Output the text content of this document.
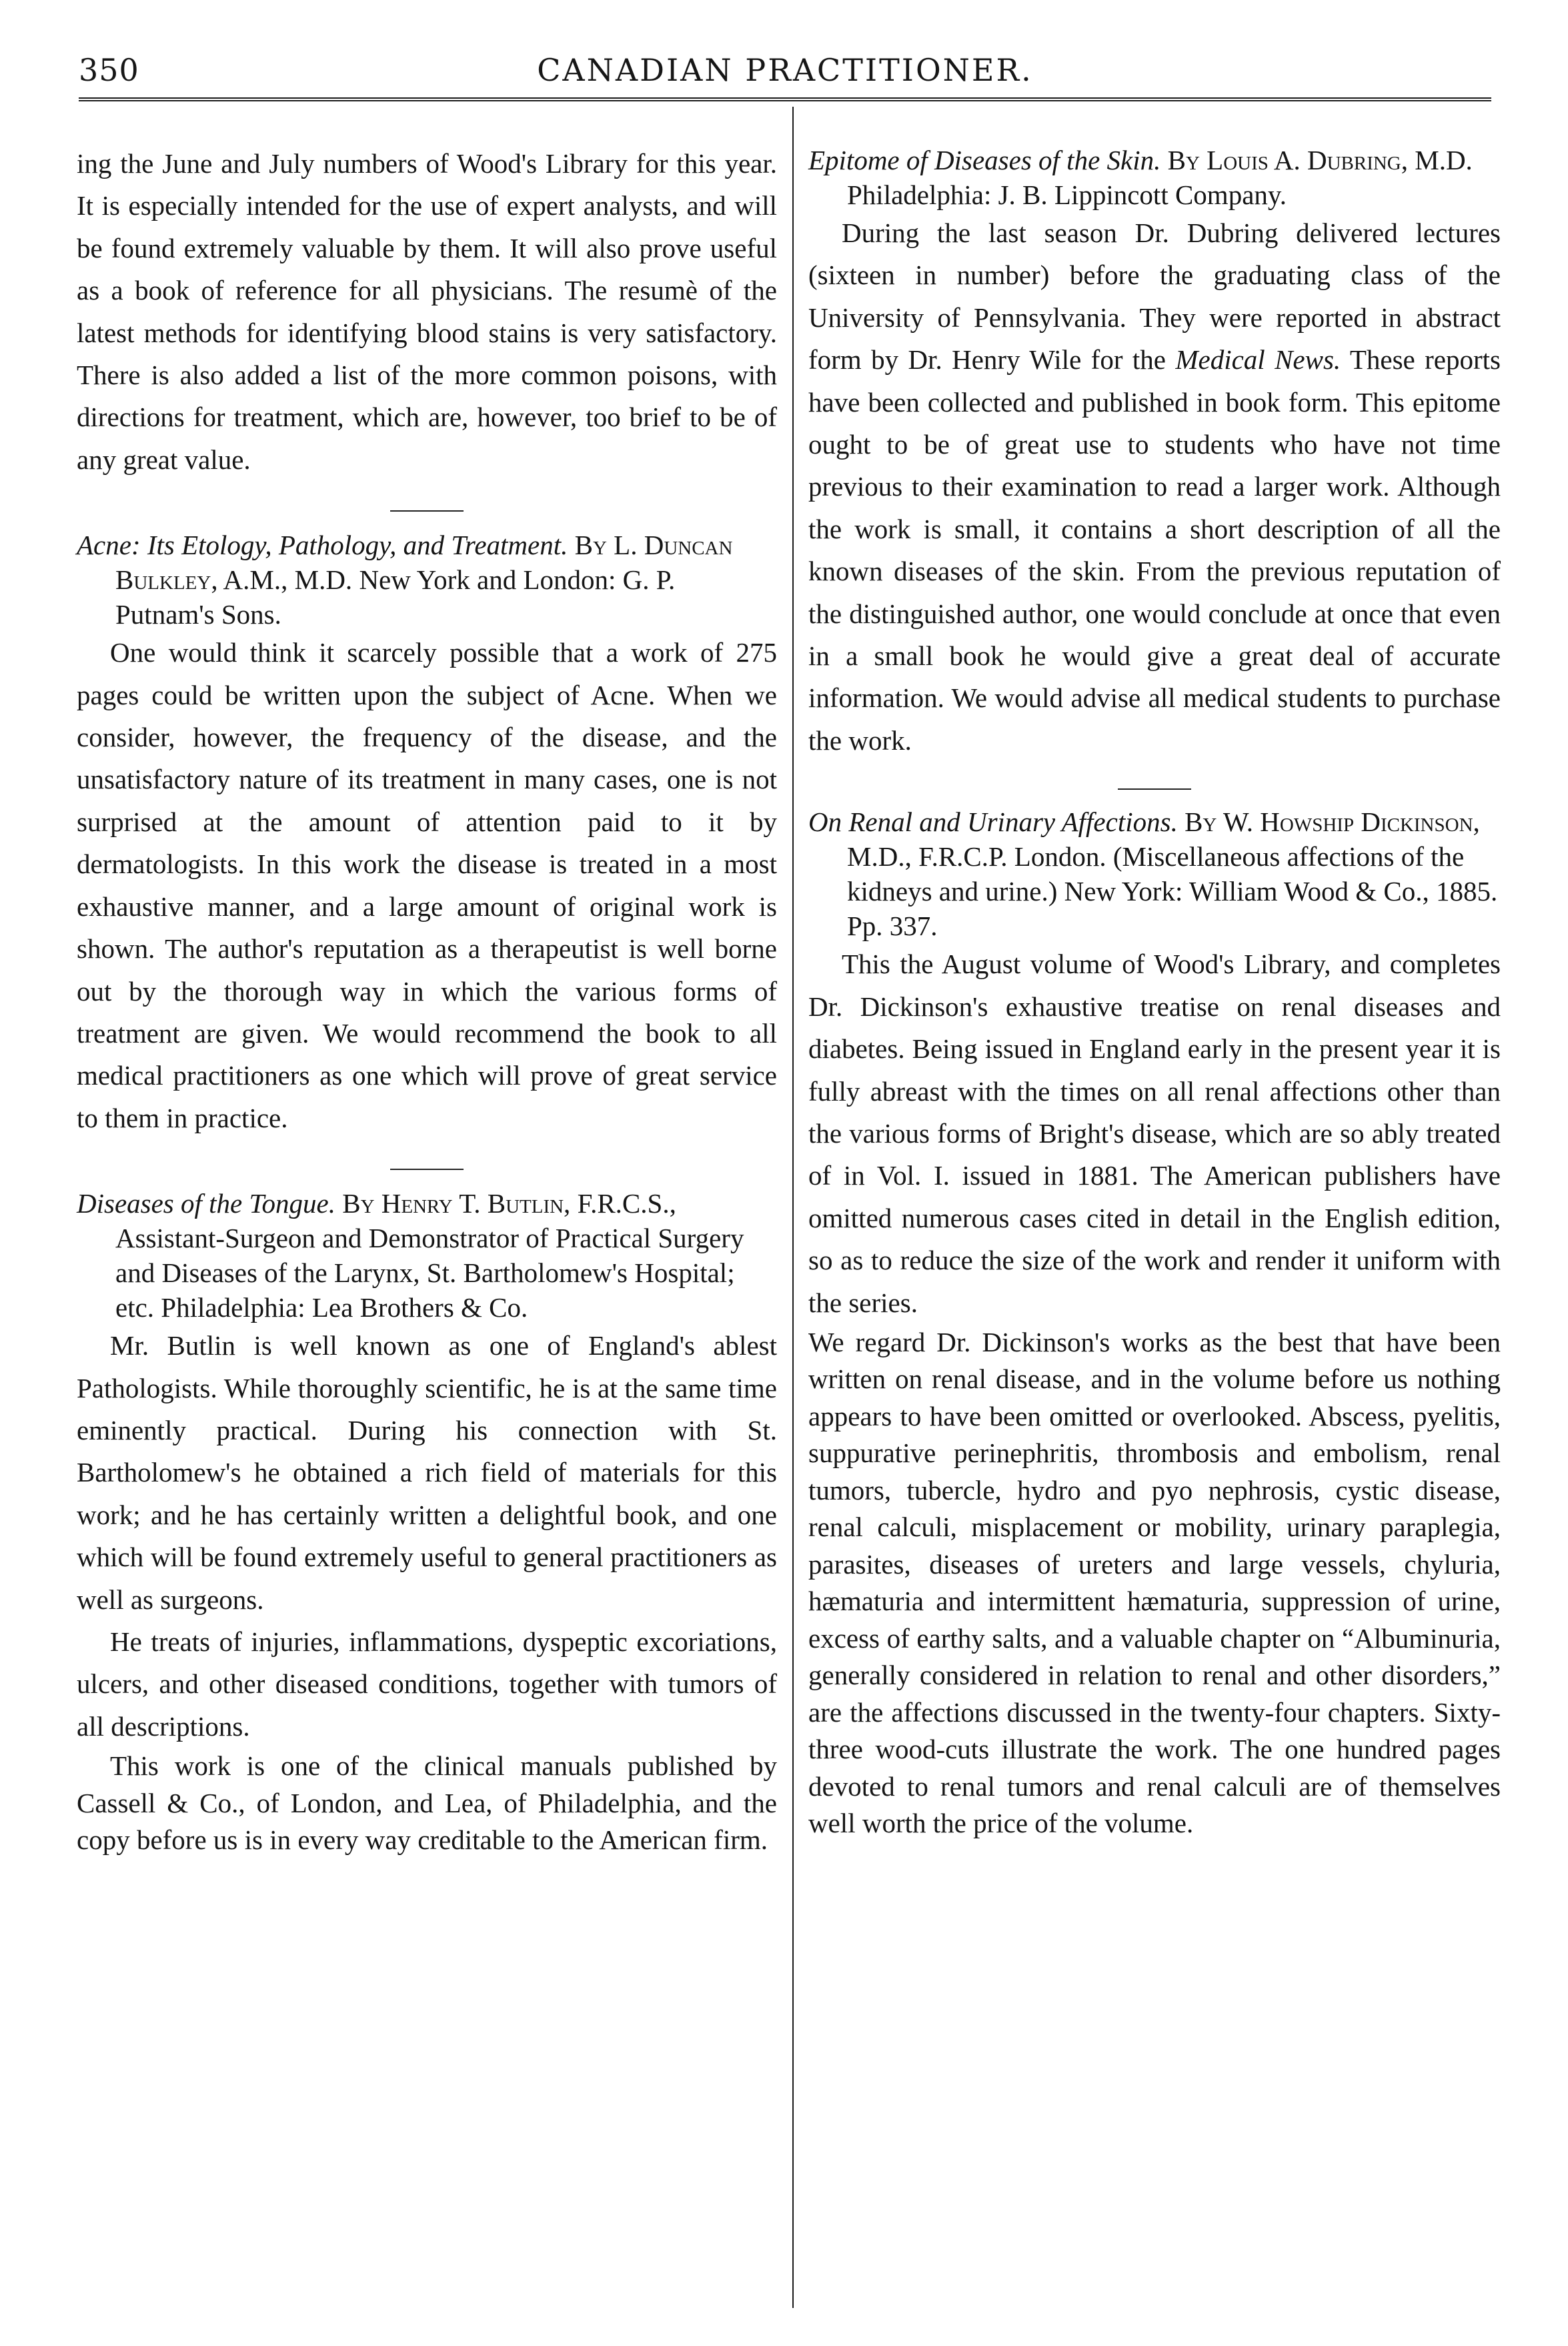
350	CANADIAN PRACTITIONER.

ing the June and July numbers of Wood's Library for this year. It is especially intended for the use of expert analysts, and will be found extremely valuable by them. It will also prove useful as a book of reference for all physicians. The resumè of the latest methods for identifying blood stains is very satisfactory. There is also added a list of the more common poisons, with directions for treatment, which are, however, too brief to be of any great value.

Acne: Its Etology, Pathology, and Treatment. By L. Duncan Bulkley, A.M., M.D. New York and London: G. P. Putnam's Sons.

One would think it scarcely possible that a work of 275 pages could be written upon the subject of Acne. When we consider, however, the frequency of the disease, and the unsatisfactory nature of its treatment in many cases, one is not surprised at the amount of attention paid to it by dermatologists. In this work the disease is treated in a most exhaustive manner, and a large amount of original work is shown. The author's reputation as a therapeutist is well borne out by the thorough way in which the various forms of treatment are given. We would recommend the book to all medical practitioners as one which will prove of great service to them in practice.

Diseases of the Tongue. By Henry T. Butlin, F.R.C.S., Assistant-Surgeon and Demonstrator of Practical Surgery and Diseases of the Larynx, St. Bartholomew's Hospital; etc. Philadelphia: Lea Brothers & Co.

Mr. Butlin is well known as one of England's ablest Pathologists. While thoroughly scientific, he is at the same time eminently practical. During his connection with St. Bartholomew's he obtained a rich field of materials for this work; and he has certainly written a delightful book, and one which will be found extremely useful to general practitioners as well as surgeons.

He treats of injuries, inflammations, dyspeptic excoriations, ulcers, and other diseased conditions, together with tumors of all descriptions.

This work is one of the clinical manuals published by Cassell & Co., of London, and Lea, of Philadelphia, and the copy before us is in every way creditable to the American firm.

Epitome of Diseases of the Skin. By Louis A. Dubring, M.D. Philadelphia: J. B. Lippincott Company.

During the last season Dr. Dubring delivered lectures (sixteen in number) before the graduating class of the University of Pennsylvania. They were reported in abstract form by Dr. Henry Wile for the Medical News. These reports have been collected and published in book form. This epitome ought to be of great use to students who have not time previous to their examination to read a larger work. Although the work is small, it contains a short description of all the known diseases of the skin. From the previous reputation of the distinguished author, one would conclude at once that even in a small book he would give a great deal of accurate information. We would advise all medical students to purchase the work.

On Renal and Urinary Affections. By W. Howship Dickinson, M.D., F.R.C.P. London. (Miscellaneous affections of the kidneys and urine.) New York: William Wood & Co., 1885. Pp. 337.

This the August volume of Wood's Library, and completes Dr. Dickinson's exhaustive treatise on renal diseases and diabetes. Being issued in England early in the present year it is fully abreast with the times on all renal affections other than the various forms of Bright's disease, which are so ably treated of in Vol. I. issued in 1881. The American publishers have omitted numerous cases cited in detail in the English edition, so as to reduce the size of the work and render it uniform with the series.

We regard Dr. Dickinson's works as the best that have been written on renal disease, and in the volume before us nothing appears to have been omitted or overlooked. Abscess, pyelitis, suppurative perinephritis, thrombosis and embolism, renal tumors, tubercle, hydro and pyo nephrosis, cystic disease, renal calculi, misplacement or mobility, urinary paraplegia, parasites, diseases of ureters and large vessels, chyluria, hæmaturia and intermittent hæmaturia, suppression of urine, excess of earthy salts, and a valuable chapter on “Albuminuria, generally considered in relation to renal and other disorders,” are the affections discussed in the twenty-four chapters. Sixty-three wood-cuts illustrate the work. The one hundred pages devoted to renal tumors and renal calculi are of themselves well worth the price of the volume.
